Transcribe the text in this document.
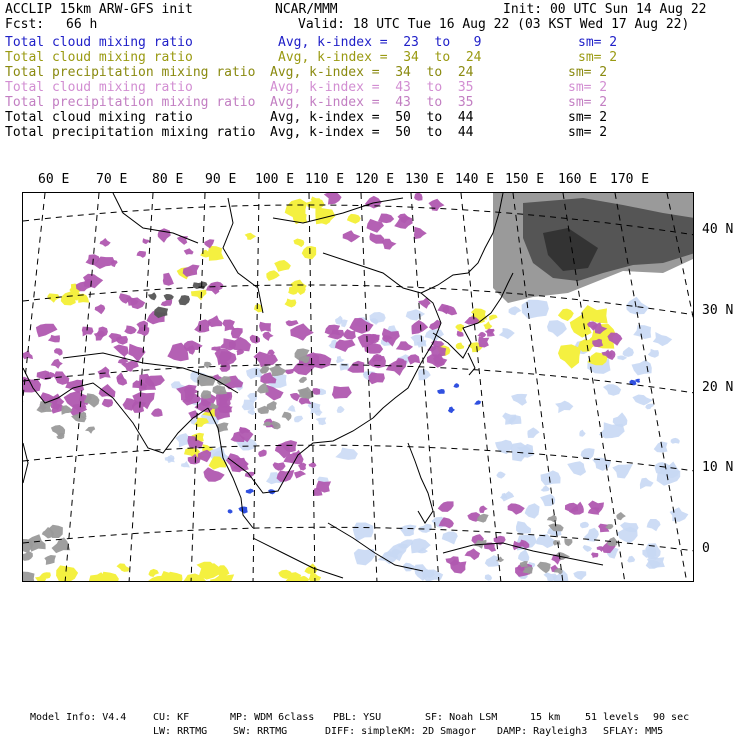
ACCLIP 15km ARW-GFS init	NCAR/MMM	Init: 00 UTC Sun 14 Aug 22
Fcst: 66 h	Valid: 18 UTC Tue 16 Aug 22 (03 KST Wed 17 Aug 22)
Total cloud mixing ratio	Avg, k-index =  23  to   9	sm= 2
Total cloud mixing ratio	Avg, k-index =  34  to  24	sm= 2
Total precipitation mixing ratio Avg, k-index =  34  to  24	sm= 2
Total cloud mixing ratio	Avg, k-index =  43  to  35	sm= 2
Total precipitation mixing ratio Avg, k-index =  43  to  35	sm= 2
Total cloud mixing ratio	Avg, k-index =  50  to  44	sm= 2
Total precipitation mixing ratio Avg, k-index =  50  to  44	sm= 2
60 E 70 E 80 E 90 E 100 E 110 E 120 E 130 E 140 E 150 E 160 E 170 E
40 N
30 N
20 N
10 N
0
Model Info: V4.4	CU: KF	MP: WDM 6class PBL: YSU	SF: Noah LSM	15 km 51 levels 90 sec
LW: RRTMG	SW: RRTMG	DIFF: simple KM: 2D Smagor DAMP: Rayleigh3 SFLAY: MM5
